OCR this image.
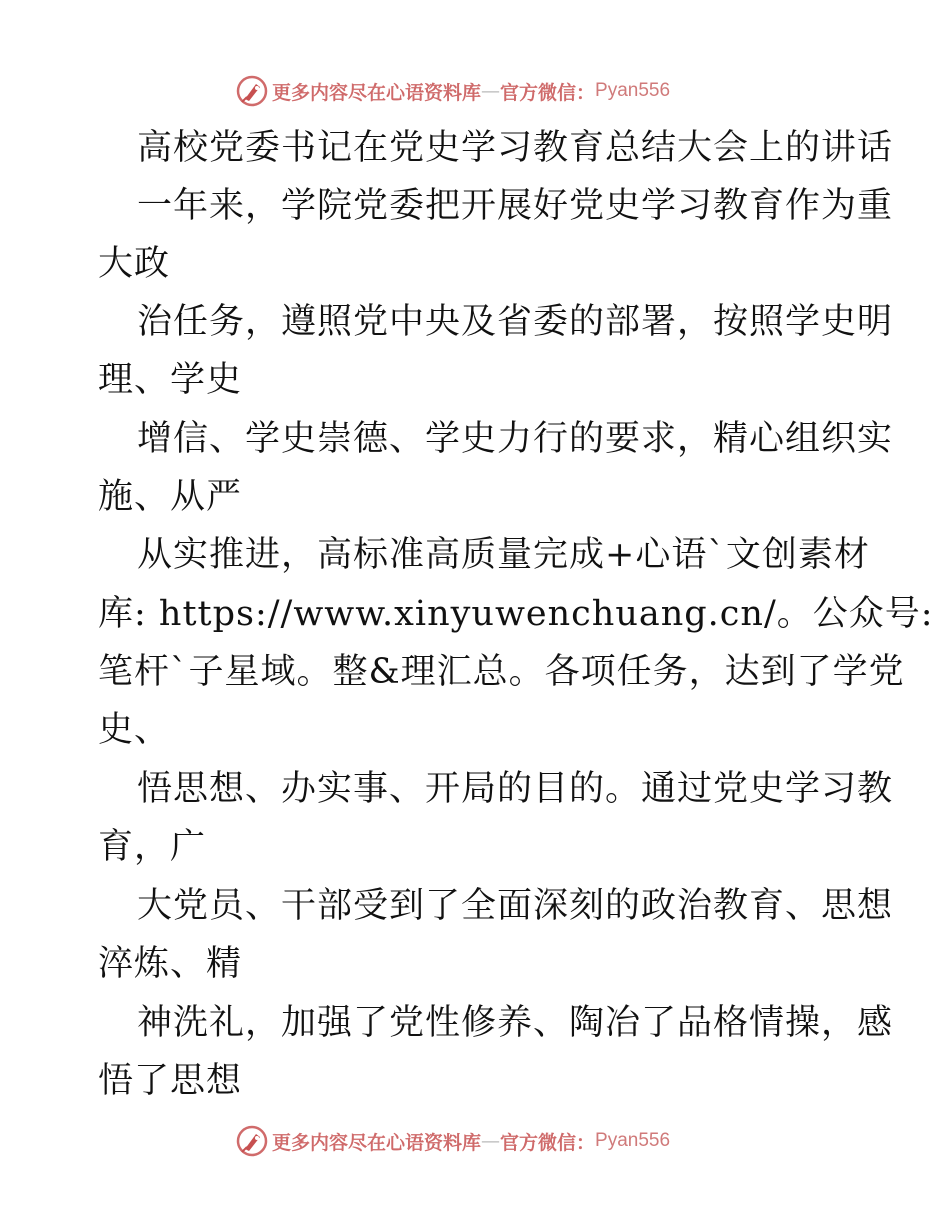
更多内容尽在心语资料库 — 官方微信： Pyan556
高校党委书记在党史学习教育总结大会上的讲话
一年来，学院党委把开展好党史学习教育作为重
大政
治任务，遵照党中央及省委的部署，按照学史明
理、学史
增信、学史崇德、学史力行的要求，精心组织实
施、从严
从实推进，高标准高质量完成+心语`文创素材
库: https://www.xinyuwenchuang.cn/。公众号:
笔杆`子星域。整&理汇总。各项任务，达到了学党
史、
悟思想、办实事、开局的目的。通过党史学习教
育，广
大党员、干部受到了全面深刻的政治教育、思想
淬炼、精
神洗礼，加强了党性修养、陶冶了品格情操，感
悟了思想
更多内容尽在心语资料库 — 官方微信： Pyan556
